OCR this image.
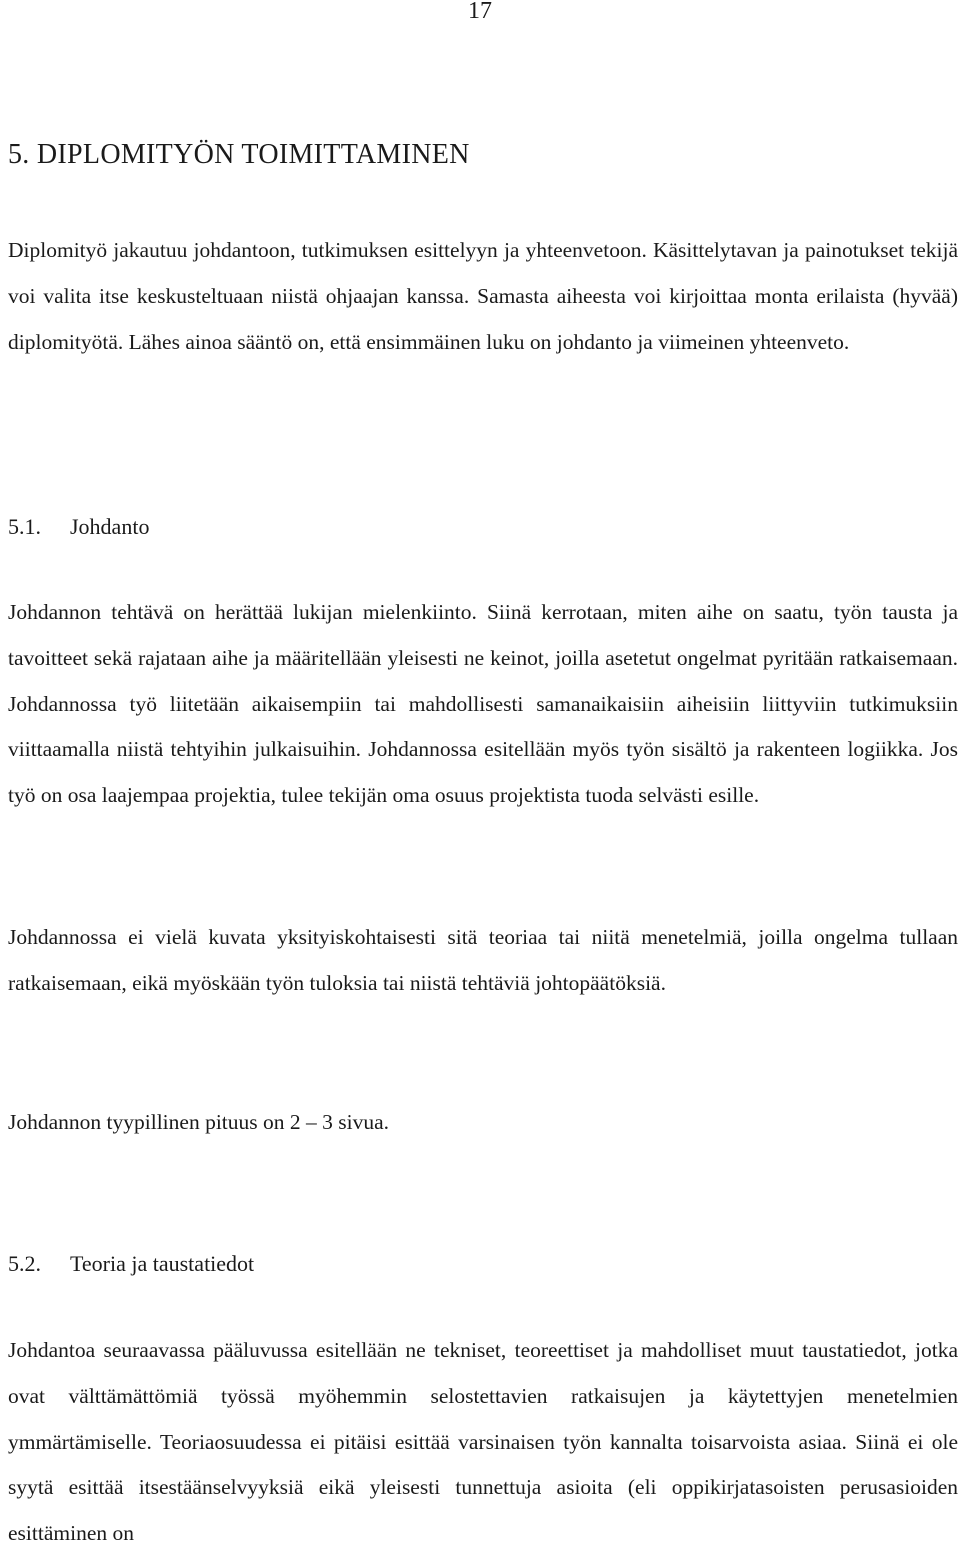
17
5. DIPLOMITYÖN TOIMITTAMINEN

Diplomityö jakautuu johdantoon, tutkimuksen esittelyyn ja yhteenvetoon. Käsittelytavan ja painotukset tekijä voi valita itse keskusteltuaan niistä ohjaajan kanssa. Samasta aiheesta voi kirjoittaa monta erilaista (hyvää) diplomityötä. Lähes ainoa sääntö on, että ensimmäinen luku on johdanto ja viimeinen yhteenveto.

5.1. Johdanto

Johdannon tehtävä on herättää lukijan mielenkiinto. Siinä kerrotaan, miten aihe on saatu, työn tausta ja tavoitteet sekä rajataan aihe ja määritellään yleisesti ne keinot, joilla asetetut ongelmat pyritään ratkaisemaan. Johdannossa työ liitetään aikaisempiin tai mahdollisesti samanaikaisiin aiheisiin liittyviin tutkimuksiin viittaamalla niistä tehtyihin julkaisuihin. Johdannossa esitellään myös työn sisältö ja rakenteen logiikka. Jos työ on osa laajempaa projektia, tulee tekijän oma osuus projektista tuoda selvästi esille.

Johdannossa ei vielä kuvata yksityiskohtaisesti sitä teoriaa tai niitä menetelmiä, joilla ongelma tullaan ratkaisemaan, eikä myöskään työn tuloksia tai niistä tehtäviä johtopäätöksiä.

Johdannon tyypillinen pituus on 2 – 3 sivua.

5.2. Teoria ja taustatiedot

Johdantoa seuraavassa pääluvussa esitellään ne tekniset, teoreettiset ja mahdolliset muut taustatiedot, jotka ovat välttämättömiä työssä myöhemmin selostettavien ratkaisujen ja käytettyjen menetelmien ymmärtämiselle. Teoriaosuudessa ei pitäisi esittää varsinaisen työn kannalta toisarvoista asiaa. Siinä ei ole syytä esittää itsestäänselvyyksiä eikä yleisesti tunnettuja asioita (eli oppikirjatasoisten perusasioiden esittäminen on
